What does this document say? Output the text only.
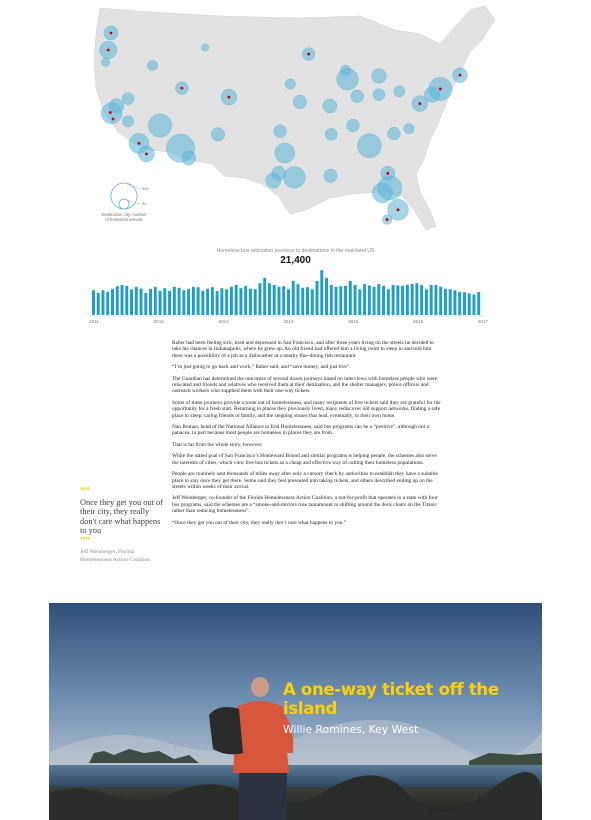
500
50
Destination city: number of homeless arrivals
2011	2012	2013	2014	2015	2016	2017
Homeless bus relocation journeys to destinations in the mainland US
21,400
““
Once they get you out of their city, they really don't care what happens to you
””
Jeff Weinberger, Florida Homelessness Action Coalition

Raber had been feeling sick, tired and depressed in San Francisco, and after three years living on the streets he decided to take his chances in Indianapolis, where he grew up. An old friend had offered him a living room to sleep in and told him there was a possibility of a job as a dishwasher at a nearby fine-dining fish restaurant.

“I’m just going to go back and work,” Raber said, and “save money, and just live”.

The Guardian has determined the outcomes of several dozen journeys based on interviews with homeless people who were relocated and friends and relatives who received them at their destination, and the shelter managers, police officers and outreach workers who supplied them with their one-way tickets.

Some of these journeys provide a route out of homelessness, and many recipients of free tickets said they are grateful for the opportunity for a fresh start. Returning to places they previously lived, many rediscover old support networks, finding a safe place to sleep, caring friends or family, and the stepping stones that lead, eventually, to their own home.

Nan Roman, head of the National Alliance to End Homelessness, said bus programs can be a “positive”, although not a panacea, in part because most people are homeless in places they are from.

That is far from the whole story, however.

While the stated goal of San Francisco’s Homeward Bound and similar programs is helping people, the schemes also serve the interests of cities, which view free bus tickets as a cheap and effective way of cutting their homeless populations.

People are routinely sent thousands of miles away after only a cursory check by authorities to establish they have a suitable place to stay once they get there. Some said they feel pressured into taking tickets, and others described ending up on the streets within weeks of their arrival.

Jeff Weinberger, co-founder of the Florida Homelessness Action Coalition, a not-for-profit that operates in a state with four bus programs, said the schemes are a “smoke-and-mirrors ruse tantamount to shifting around the deck chairs on the Titanic rather than reducing homelessness”.

“Once they get you out of their city, they really don’t care what happens to you.”

A one-way ticket off the island
Willie Romines, Key West
